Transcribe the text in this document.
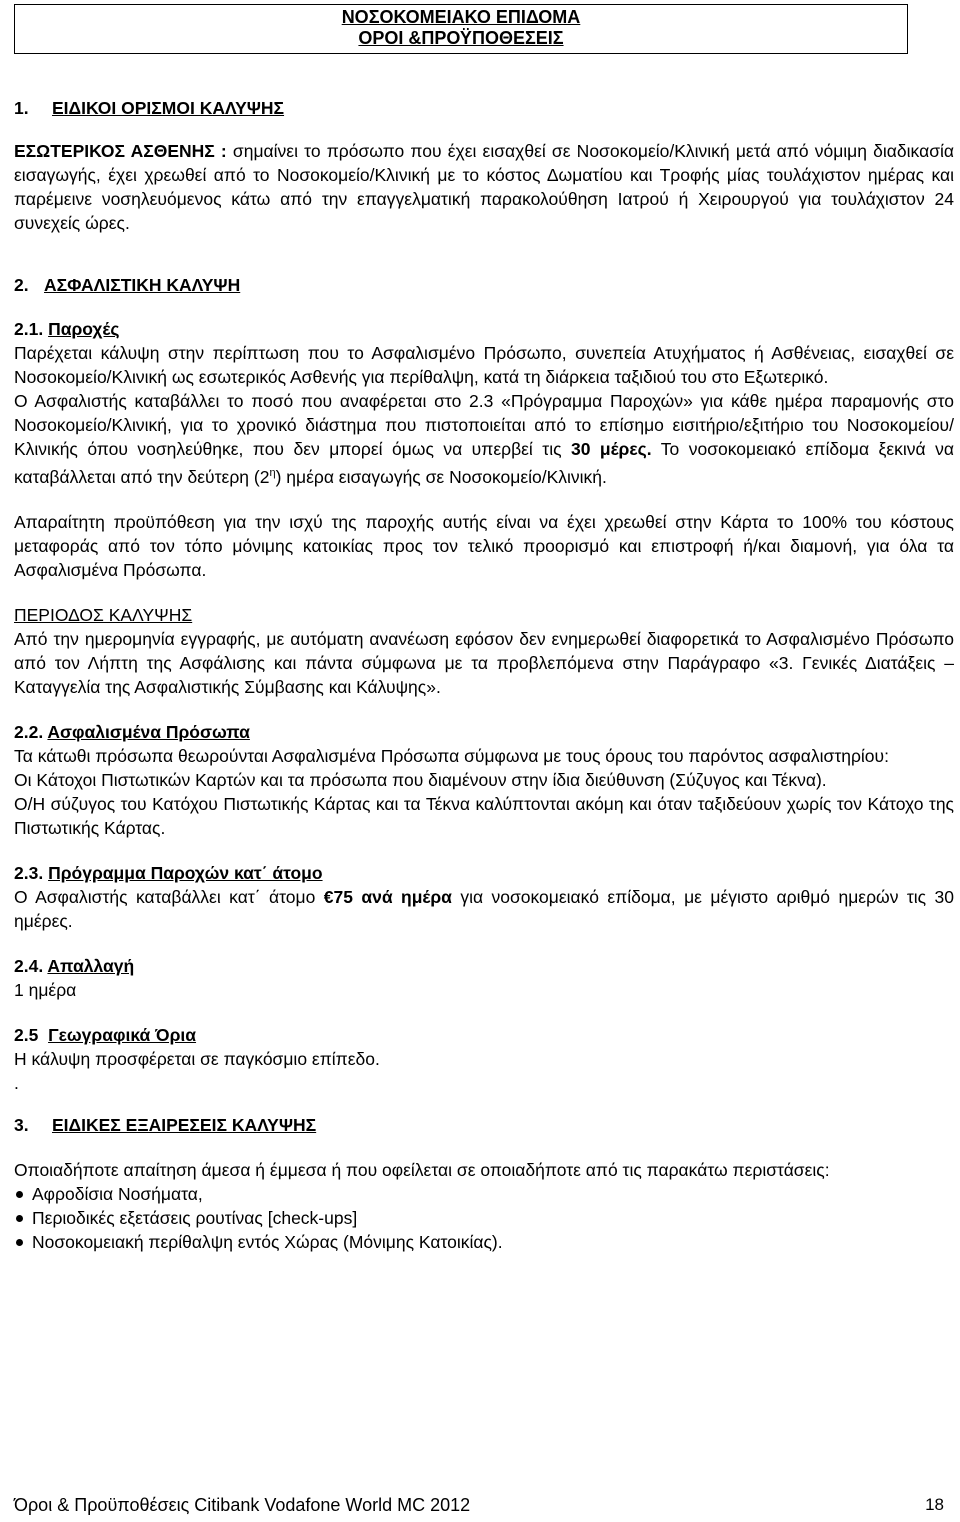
ΝΟΣΟΚΟΜΕΙΑΚΟ ΕΠΙΔΟΜΑ
ΟΡΟΙ &ΠΡΟΫΠΟΘΕΣΕΙΣ
1. ΕΙΔΙΚΟΙ ΟΡΙΣΜΟΙ ΚΑΛΥΨΗΣ

ΕΣΩΤΕΡΙΚΟΣ ΑΣΘΕΝΗΣ : σημαίνει το πρόσωπο που έχει εισαχθεί σε Νοσοκομείο/Κλινική μετά από νόμιμη διαδικασία εισαγωγής, έχει χρεωθεί από το Νοσοκομείο/Κλινική με το κόστος Δωματίου και Τροφής μίας τουλάχιστον ημέρας και παρέμεινε νοσηλευόμενος κάτω από την επαγγελματική παρακολούθηση Ιατρού ή Χειρουργού για τουλάχιστον 24 συνεχείς ώρες.

2. ΑΣΦΑΛΙΣΤΙΚΗ ΚΑΛΥΨΗ
2.1. Παροχές

Παρέχεται κάλυψη στην περίπτωση που το Ασφαλισμένο Πρόσωπο, συνεπεία Ατυχήματος ή Ασθένειας, εισαχθεί σε Νοσοκομείο/Κλινική ως εσωτερικός Ασθενής για περίθαλψη, κατά τη διάρκεια ταξιδιού του στο Εξωτερικό.

Ο Ασφαλιστής καταβάλλει το ποσό που αναφέρεται στο 2.3 «Πρόγραμμα Παροχών» για κάθε ημέρα παραμονής στο Νοσοκομείο/Κλινική, για το χρονικό διάστημα που πιστοποιείται από το επίσημο εισιτήριο/εξιτήριο του Νοσοκομείου/Κλινικής όπου νοσηλεύθηκε, που δεν μπορεί όμως να υπερβεί τις 30 μέρες. Το νοσοκομειακό επίδομα ξεκινά να καταβάλλεται από την δεύτερη $(2^\eta)$ ημέρα εισαγωγής σε Νοσοκομείο/Κλινική.

Απαραίτητη προϋπόθεση για την ισχύ της παροχής αυτής είναι να έχει χρεωθεί στην Κάρτα το 100% του κόστους μεταφοράς από τον τόπο μόνιμης κατοικίας προς τον τελικό προορισμό και επιστροφή ή/και διαμονή, για όλα τα Ασφαλισμένα Πρόσωπα.

ΠΕΡΙΟΔΟΣ ΚΑΛΥΨΗΣ

Από την ημερομηνία εγγραφής, με αυτόματη ανανέωση εφόσον δεν ενημερωθεί διαφορετικά το Ασφαλισμένο Πρόσωπο από τον Λήπτη της Ασφάλισης και πάντα σύμφωνα με τα προβλεπόμενα στην Παράγραφο «3. Γενικές Διατάξεις – Καταγγελία της Ασφαλιστικής Σύμβασης και Κάλυψης».

2.2. Ασφαλισμένα Πρόσωπα

Τα κάτωθι πρόσωπα θεωρούνται Ασφαλισμένα Πρόσωπα σύμφωνα με τους όρους του παρόντος ασφαλιστηρίου:

Οι Κάτοχοι Πιστωτικών Καρτών και τα πρόσωπα που διαμένουν στην ίδια διεύθυνση (Σύζυγος και Τέκνα).

Ο/Η σύζυγος του Κατόχου Πιστωτικής Κάρτας και τα Τέκνα καλύπτονται ακόμη και όταν ταξιδεύουν χωρίς τον Κάτοχο της Πιστωτικής Κάρτας.

2.3. Πρόγραμμα Παροχών κατ΄ άτομο

Ο Ασφαλιστής καταβάλλει κατ΄ άτομο €75 ανά ημέρα για νοσοκομειακό επίδομα, με μέγιστο αριθμό ημερών τις 30 ημέρες.

2.4. Απαλλαγή

1 ημέρα

2.5 Γεωγραφικά Όρια

Η κάλυψη προσφέρεται σε παγκόσμιο επίπεδο.

.

3. ΕΙΔΙΚΕΣ ΕΞΑΙΡΕΣΕΙΣ ΚΑΛΥΨΗΣ

Οποιαδήποτε απαίτηση άμεσα ή έμμεσα ή που οφείλεται σε οποιαδήποτε από τις παρακάτω περιστάσεις:

Αφροδίσια Νοσήματα,
Περιοδικές εξετάσεις ρουτίνας [check-ups]
Νοσοκομειακή περίθαλψη εντός Χώρας (Μόνιμης Κατοικίας).
Όροι & Προϋποθέσεις Citibank Vodafone World MC 2012	18
